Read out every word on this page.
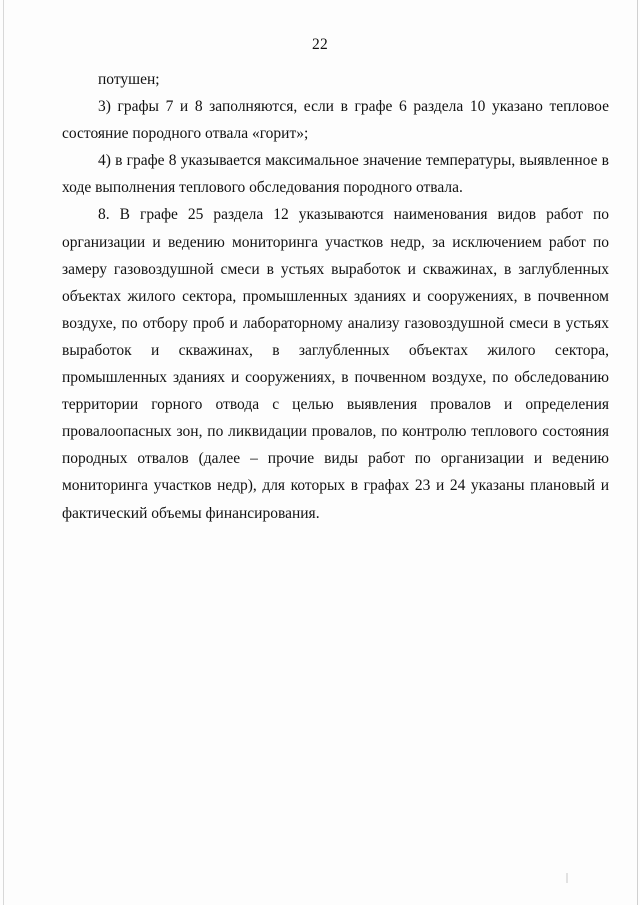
22

потушен;

3) графы 7 и 8 заполняются, если в графе 6 раздела 10 указано тепловое состояние породного отвала «горит»;

4) в графе 8 указывается максимальное значение температуры, выявленное в ходе выполнения теплового обследования породного отвала.

8. В графе 25 раздела 12 указываются наименования видов работ по организации и ведению мониторинга участков недр, за исключением работ по замеру газовоздушной смеси в устьях выработок и скважинах, в заглубленных объектах жилого сектора, промышленных зданиях и сооружениях, в почвенном воздухе, по отбору проб и лабораторному анализу газовоздушной смеси в устьях выработок и скважинах, в заглубленных объектах жилого сектора, промышленных зданиях и сооружениях, в почвенном воздухе, по обследованию территории горного отвода с целью выявления провалов и определения провалоопасных зон, по ликвидации провалов, по контролю теплового состояния породных отвалов (далее – прочие виды работ по организации и ведению мониторинга участков недр), для которых в графах 23 и 24 указаны плановый и фактический объемы финансирования.
